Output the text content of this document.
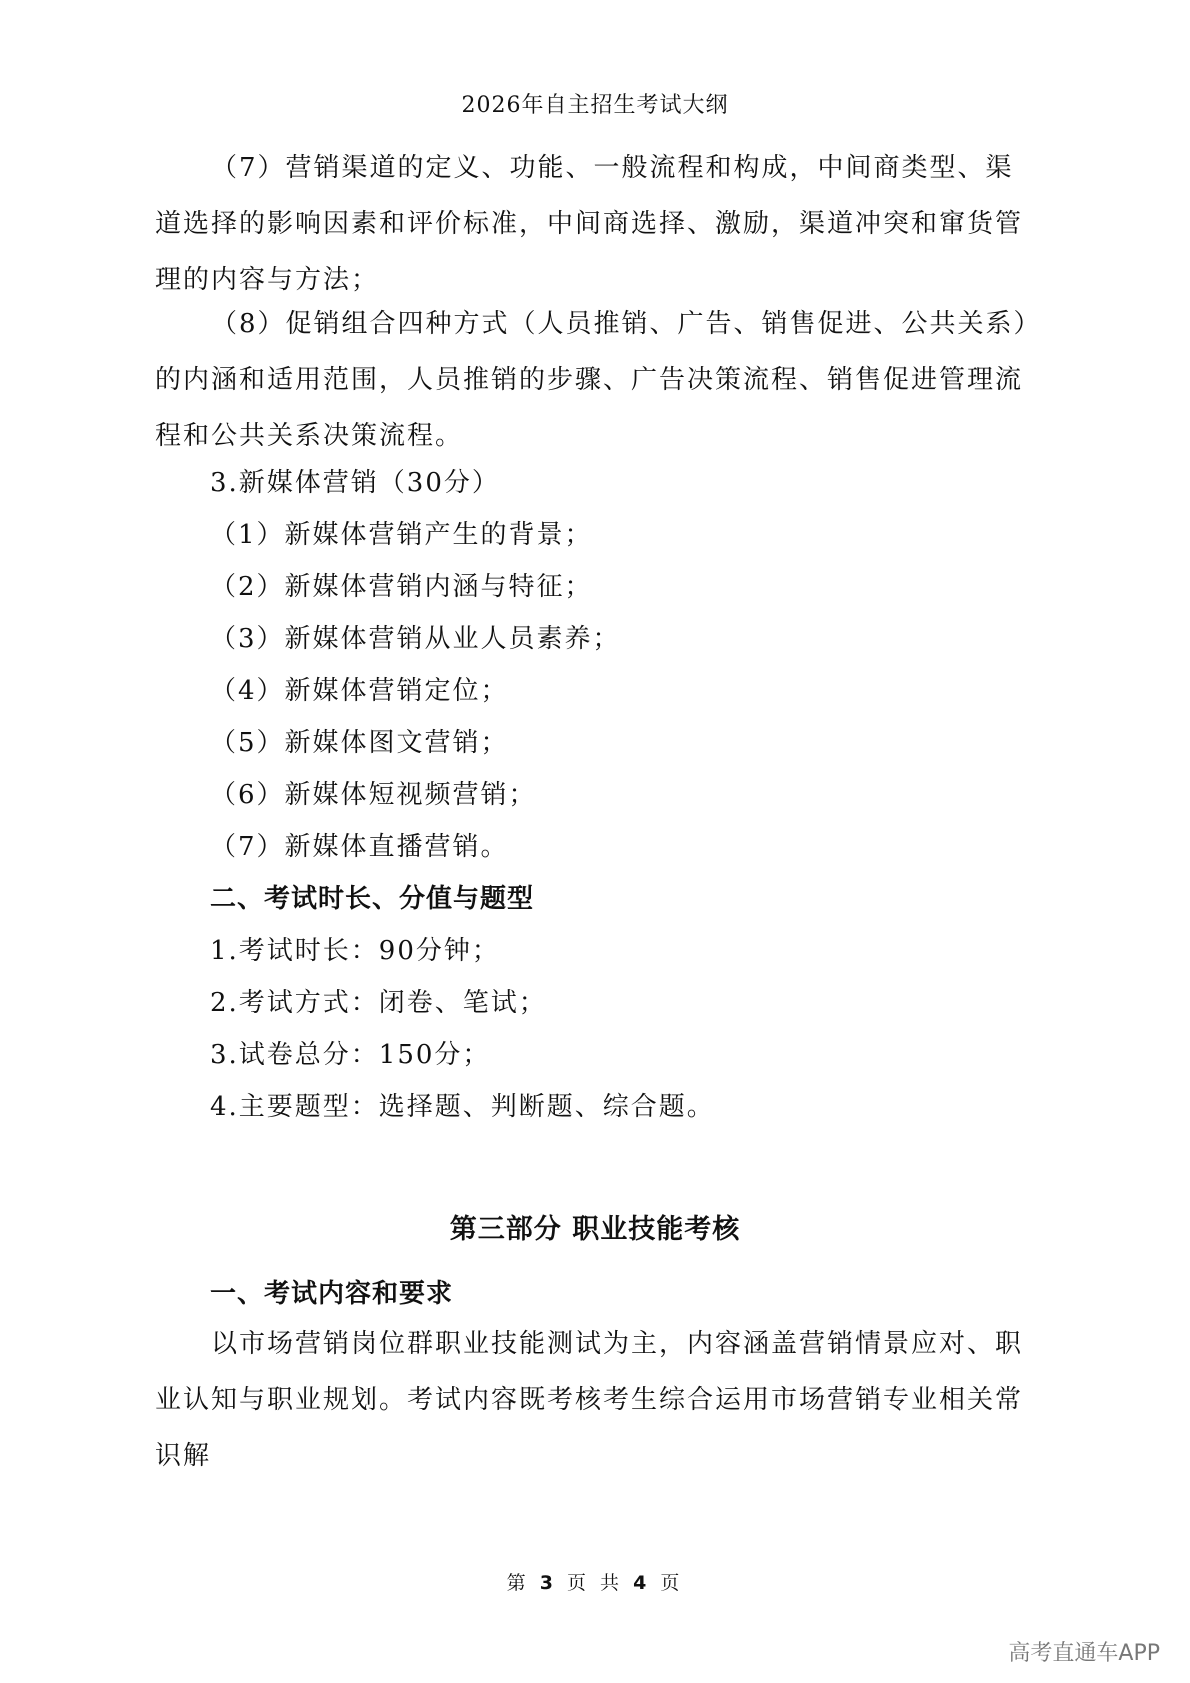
2026年自主招生考试大纲

（7）营销渠道的定义、功能、一般流程和构成，中间商类型、渠道选择的影响因素和评价标准，中间商选择、激励，渠道冲突和窜货管理的内容与方法；

（8）促销组合四种方式（人员推销、广告、销售促进、公共关系）的内涵和适用范围，人员推销的步骤、广告决策流程、销售促进管理流程和公共关系决策流程。

3.新媒体营销（30分）
（1）新媒体营销产生的背景；
（2）新媒体营销内涵与特征；
（3）新媒体营销从业人员素养；
（4）新媒体营销定位；
（5）新媒体图文营销；
（6）新媒体短视频营销；
（7）新媒体直播营销。
二、考试时长、分值与题型
1.考试时长：90分钟；
2.考试方式：闭卷、笔试；
3.试卷总分：150分；
4.主要题型：选择题、判断题、综合题。
第三部分 职业技能考核
一、考试内容和要求

以市场营销岗位群职业技能测试为主，内容涵盖营销情景应对、职业认知与职业规划。考试内容既考核考生综合运用市场营销专业相关常识解

第 3 页 共 4 页
高考直通车APP
